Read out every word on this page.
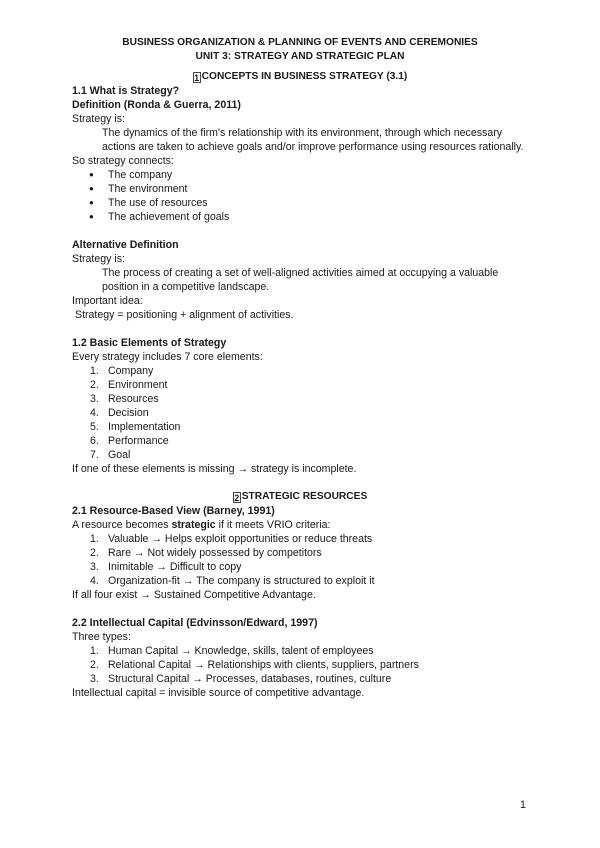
BUSINESS ORGANIZATION & PLANNING OF EVENTS AND CEREMONIES
UNIT 3: STRATEGY AND STRATEGIC PLAN
1 CONCEPTS IN BUSINESS STRATEGY (3.1)
1.1 What is Strategy?
Definition (Ronda & Guerra, 2011)
Strategy is:
The dynamics of the firm's relationship with its environment, through which necessary actions are taken to achieve goals and/or improve performance using resources rationally.
So strategy connects:
● The company
● The environment
● The use of resources
● The achievement of goals
Alternative Definition
Strategy is:
The process of creating a set of well-aligned activities aimed at occupying a valuable position in a competitive landscape.
Important idea:
Strategy = positioning + alignment of activities.
1.2 Basic Elements of Strategy
Every strategy includes 7 core elements:
1. Company
2. Environment
3. Resources
4. Decision
5. Implementation
6. Performance
7. Goal
If one of these elements is missing → strategy is incomplete.
2 STRATEGIC RESOURCES
2.1 Resource-Based View (Barney, 1991)
A resource becomes strategic if it meets VRIO criteria:
1. Valuable → Helps exploit opportunities or reduce threats
2. Rare → Not widely possessed by competitors
3. Inimitable → Difficult to copy
4. Organization-fit → The company is structured to exploit it
If all four exist → Sustained Competitive Advantage.
2.2 Intellectual Capital (Edvinsson/Edward, 1997)
Three types:
1. Human Capital → Knowledge, skills, talent of employees
2. Relational Capital → Relationships with clients, suppliers, partners
3. Structural Capital → Processes, databases, routines, culture
Intellectual capital = invisible source of competitive advantage.
1
